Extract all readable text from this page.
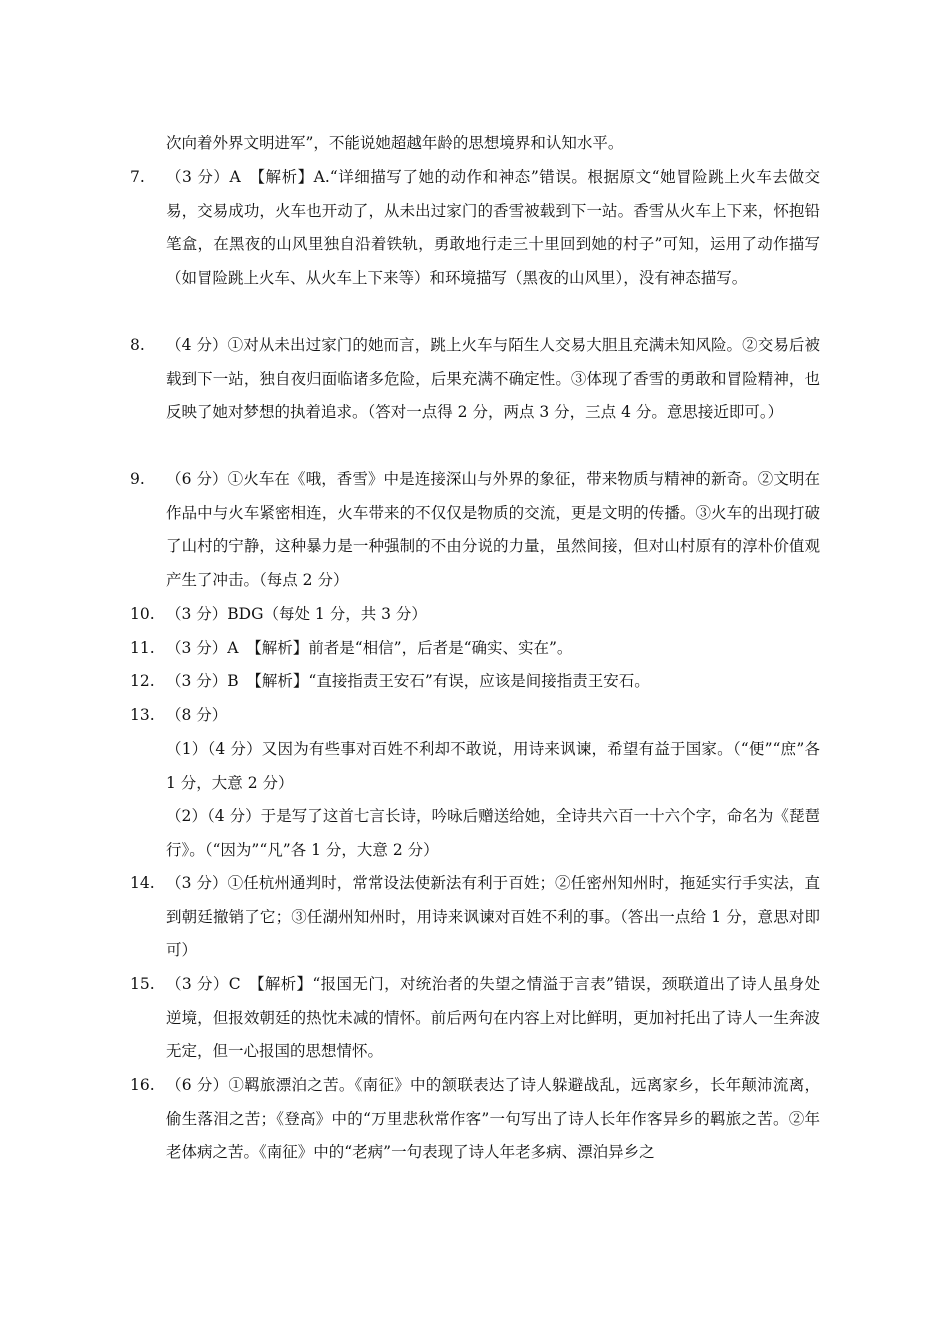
次向着外界文明进军”，不能说她超越年龄的思想境界和认知水平。
7.	（3 分）A　【解析】A.“详细描写了她的动作和神态”错误。根据原文“她冒险跳上火车去做交易，交易成功，火车也开动了，从未出过家门的香雪被载到下一站。香雪从火车上下来，怀抱铅笔盒，在黑夜的山风里独自沿着铁轨，勇敢地行走三十里回到她的村子”可知，运用了动作描写（如冒险跳上火车、从火车上下来等）和环境描写（黑夜的山风里），没有神态描写。
8.	（4 分）①对从未出过家门的她而言，跳上火车与陌生人交易大胆且充满未知风险。②交易后被载到下一站，独自夜归面临诸多危险，后果充满不确定性。③体现了香雪的勇敢和冒险精神，也反映了她对梦想的执着追求。（答对一点得 2 分，两点 3 分，三点 4 分。意思接近即可。）
9.	（6 分）①火车在《哦，香雪》中是连接深山与外界的象征，带来物质与精神的新奇。②文明在作品中与火车紧密相连，火车带来的不仅仅是物质的交流，更是文明的传播。③火车的出现打破了山村的宁静，这种暴力是一种强制的不由分说的力量，虽然间接，但对山村原有的淳朴价值观产生了冲击。（每点 2 分）
10. （3 分）BDG（每处 1 分，共 3 分）
11. （3 分）A　【解析】前者是“相信”，后者是“确实、实在”。
12. （3 分）B　【解析】“直接指责王安石”有误，应该是间接指责王安石。
13. （8 分）
（1）（4 分）又因为有些事对百姓不利却不敢说，用诗来讽谏，希望有益于国家。（“便”“庶”各 1 分，大意 2 分）
（2）（4 分）于是写了这首七言长诗，吟咏后赠送给她，全诗共六百一十六个字，命名为《琵琶行》。（“因为”“凡”各 1 分，大意 2 分）
14. （3 分）①任杭州通判时，常常设法使新法有利于百姓；②任密州知州时，拖延实行手实法，直到朝廷撤销了它；③任湖州知州时，用诗来讽谏对百姓不利的事。（答出一点给 1 分，意思对即可）
15. （3 分）C　【解析】“报国无门，对统治者的失望之情溢于言表”错误，颈联道出了诗人虽身处逆境，但报效朝廷的热忱未减的情怀。前后两句在内容上对比鲜明，更加衬托出了诗人一生奔波无定，但一心报国的思想情怀。
16. （6 分）①羁旅漂泊之苦。《南征》中的颔联表达了诗人躲避战乱，远离家乡，长年颠沛流离，偷生落泪之苦；《登高》中的“万里悲秋常作客”一句写出了诗人长年作客异乡的羁旅之苦。②年老体病之苦。《南征》中的“老病”一句表现了诗人年老多病、漂泊异乡之
